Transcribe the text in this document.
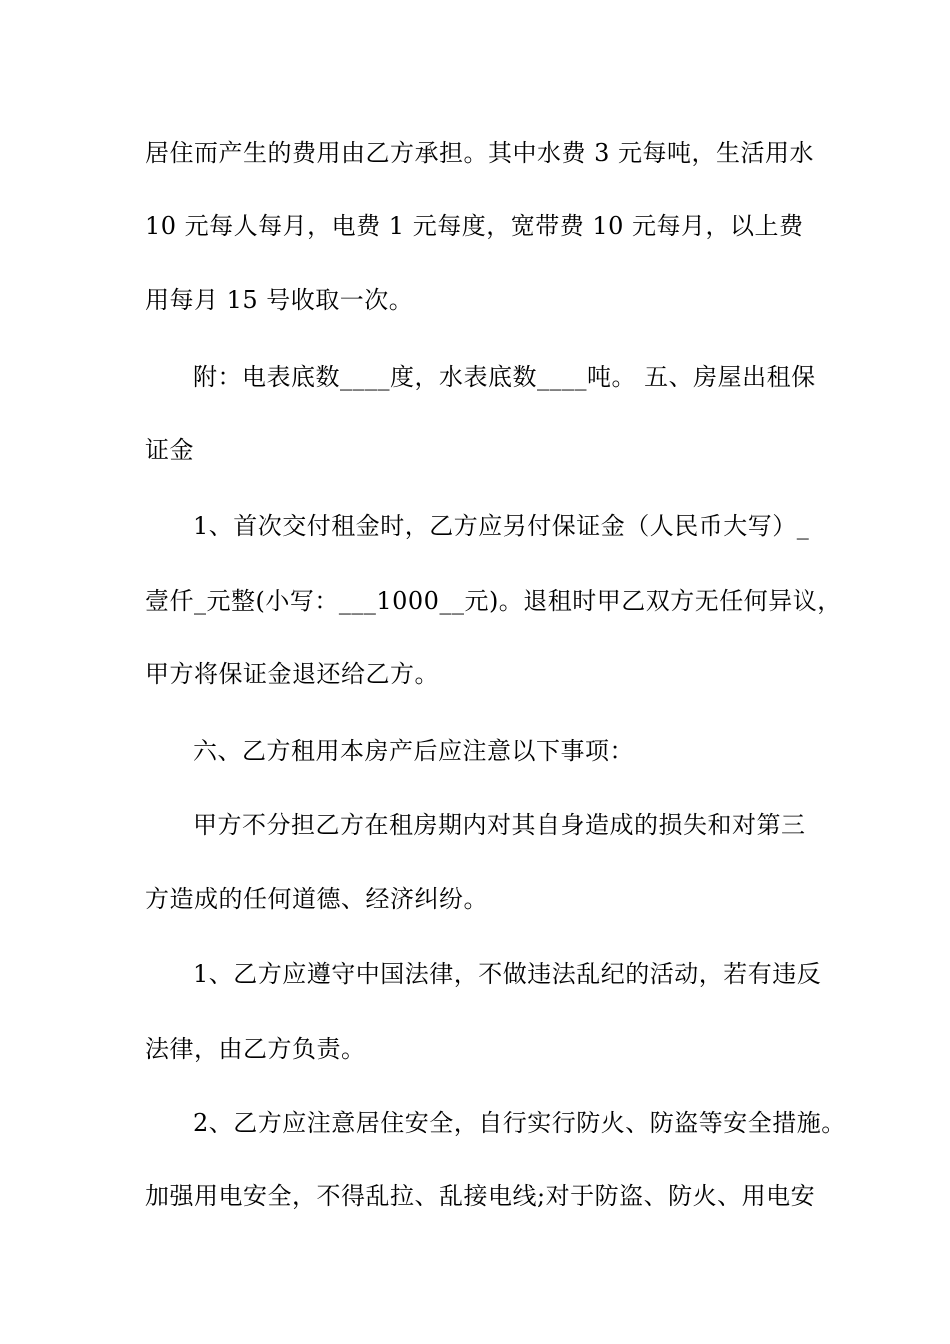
居住而产生的费用由乙方承担。其中水费 3 元每吨，生活用水
10 元每人每月，电费 1 元每度，宽带费 10 元每月，以上费
用每月 15 号收取一次。
附：电表底数____度，水表底数____吨。 五、房屋出租保
证金
1、首次交付租金时，乙方应另付保证金（人民币大写）_
壹仟_元整(小写：___1000__元)。退租时甲乙双方无任何异议，
甲方将保证金退还给乙方。
六、乙方租用本房产后应注意以下事项：
甲方不分担乙方在租房期内对其自身造成的损失和对第三
方造成的任何道德、经济纠纷。
1、乙方应遵守中国法律，不做违法乱纪的活动，若有违反
法律，由乙方负责。
2、乙方应注意居住安全，自行实行防火、防盗等安全措施。
加强用电安全，不得乱拉、乱接电线;对于防盗、防火、用电安
